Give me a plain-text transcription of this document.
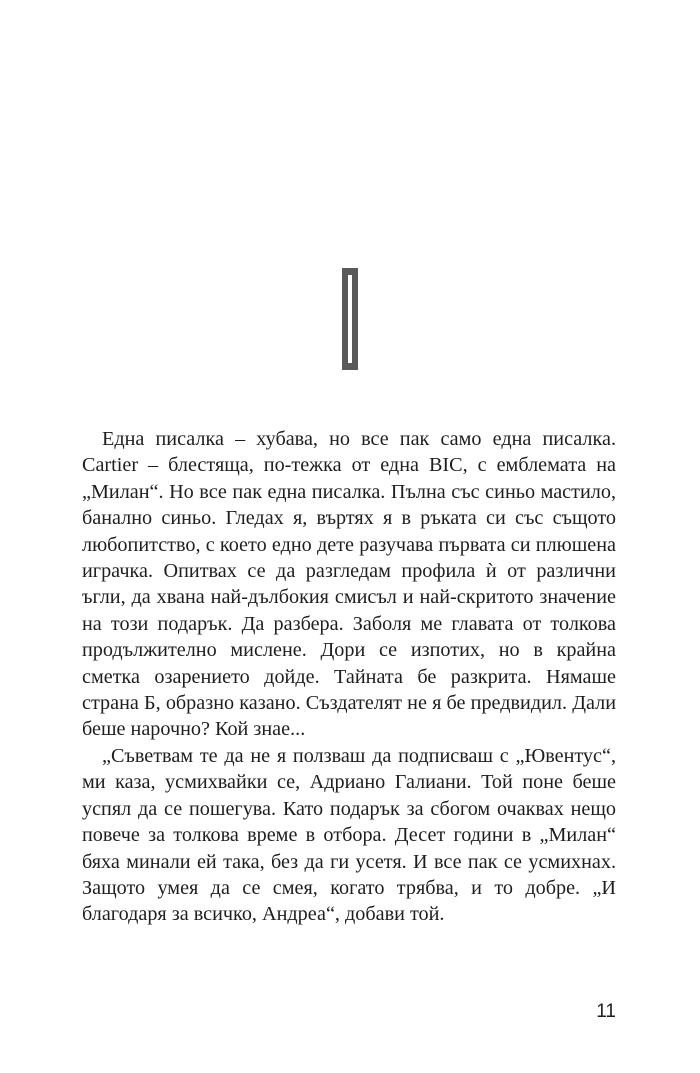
Една писалка – хубава, но все пак само една писалка. Cartier – блестяща, по-тежка от една BIC, с емблемата на „Милан“. Но все пак една писалка. Пълна със синьо мастило, банално синьо. Гледах я, въртях я в ръката си със същото любопитство, с което едно дете разучава първата си плюшена играчка. Опитвах се да разгледам профила ѝ от различни ъгли, да хвана най-дълбокия смисъл и най-скритото значение на този подарък. Да разбера. Заболя ме главата от толкова продължително мислене. Дори се изпотих, но в крайна сметка озарението дойде. Тайната бе разкрита. Нямаше страна Б, образно казано. Създателят не я бе предвидил. Дали беше нарочно? Кой знае...

„Съветвам те да не я ползваш да подписваш с „Ювентус“, ми каза, усмихвайки се, Адриано Галиани. Той поне беше успял да се пошегува. Като подарък за сбогом очаквах нещо повече за толкова време в отбора. Десет години в „Милан“ бяха минали ей така, без да ги усетя. И все пак се усмихнах. Защото умея да се смея, когато трябва, и то добре. „И благодаря за всичко, Андреа“, добави той.

11
